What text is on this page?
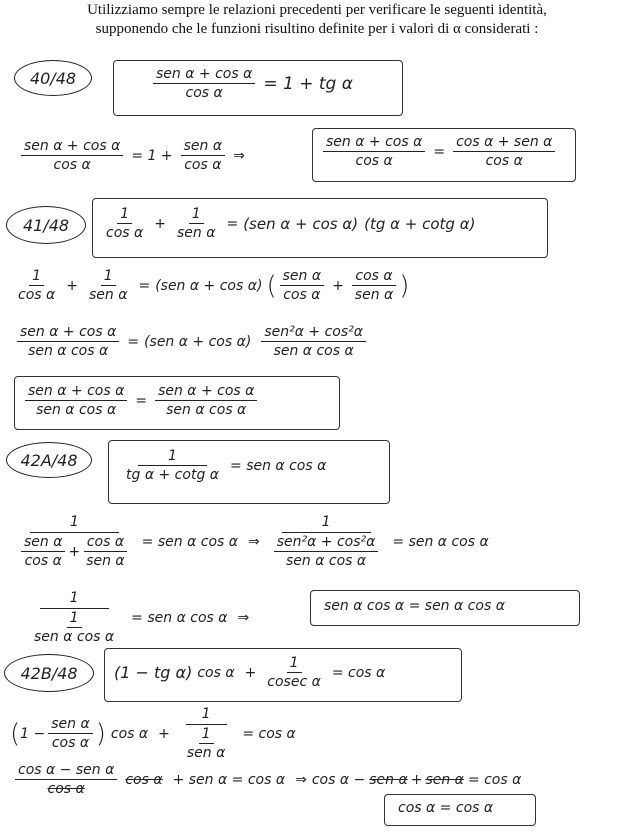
Utilizziamo sempre le relazioni precedenti per verificare le seguenti identità,
supponendo che le funzioni risultino definite per i valori di α considerati :
40/48	$\frac{\text{sen α + cos α}}{\text{cos α}} = 1$ + tg α
$\frac{\text{sen α + cos α}}{\text{cos α}} = 1 + \frac{\text{sen α}}{\text{cos α}}$ ⇒	$\frac{\text{sen α + cos α}}{\text{cos α}} = \frac{\text{cos α + sen α}}{\text{cos α}}$
41/48	$\frac{1}{\text{cos α}} + \frac{1}{\text{sen α}} = (sen$ α + cos α) (tg α + cotg α)
$\frac{1}{\text{cos α}} + \frac{1}{\text{sen α}} = (sen$ α + cos α) ( $\frac{\text{sen α}}{\text{cos α}} + \frac{\text{cos α}}{\text{sen α}}$ )
$\frac{\text{sen α + cos α}}{\text{sen α cos α}} = (sen$ $\alpha + \cos \alpha) \frac{\text{sen²α + cos²α}}{\text{sen α cos α}}$
$\frac{\text{sen α + cos α}}{\text{sen α cos α}} = \frac{\text{sen α + cos α}}{\text{sen α cos α}}$
42A/48	$\frac{1}{\text{tg α + cotg α}}$ = sen α cos α
$\frac{1}{\frac{\text{sen α}}{\text{cos α}} + \frac{\text{cos α}}{\text{sen α}}}$ = sen α cos α ⇒ $\frac{1}{\frac{\text{sen²α + cos²α}}{\text{sen α cos α}}}$ = sen α cos α
$\frac{1}{\frac{1}{\text{sen α cos α}}}$ = sen α cos α ⇒
sen α cos α = sen α cos α
42B/48	(1 − tg α) $\cos \alpha + \frac{1}{\text{cosec α}} = \cos \alpha$
( $1 - \frac{\text{sen α}}{\text{cos α}}$ ) $\cos \alpha + \frac{1}{\frac{1}{\text{sen α}}} = \cos \alpha$
$\frac{\text{cos α − sen α}}{\text{cos α}}$ cos α + sen α = cos α ⇒ cos α − sen α + sen α = cos α
cos α = cos α
